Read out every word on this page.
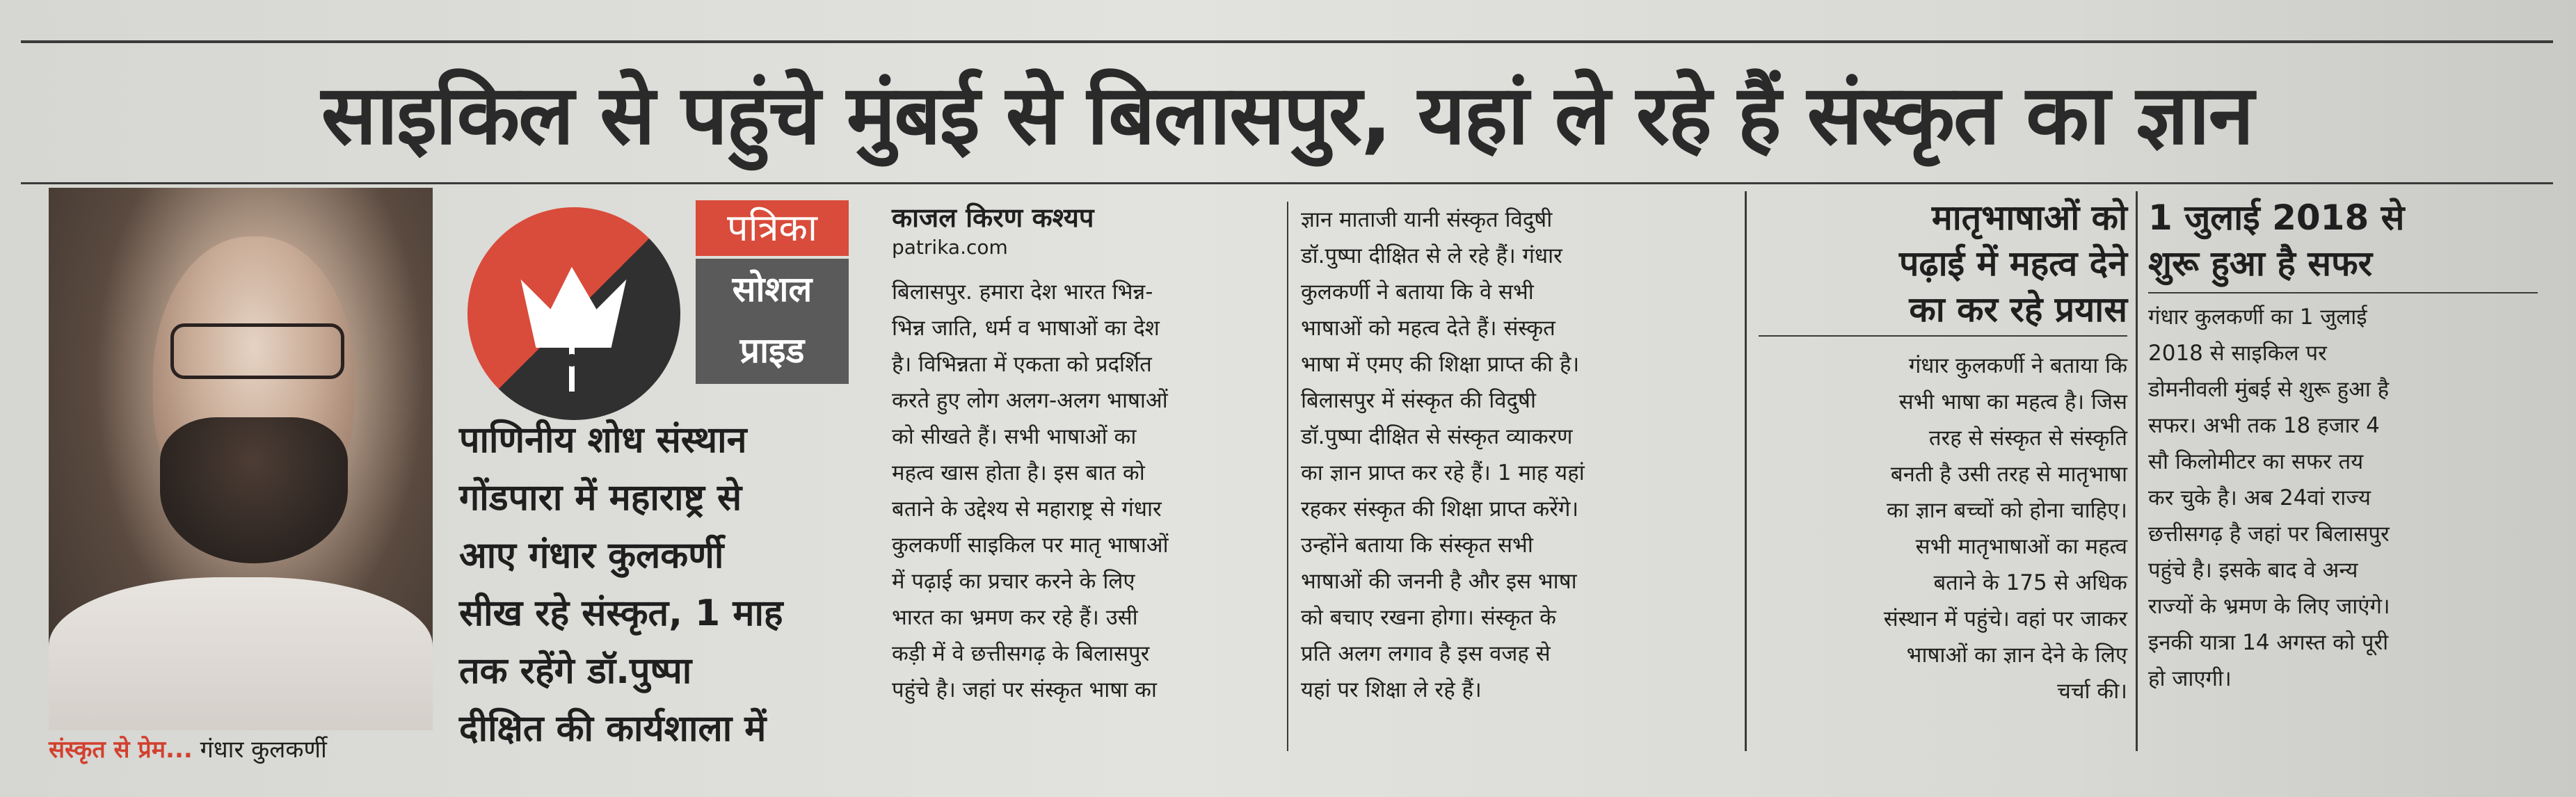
साइकिल से पहुंचे मुंबई से बिलासपुर, यहां ले रहे हैं संस्कृत का ज्ञान
संस्कृत से प्रेम... गंधार कुलकर्णी
पत्रिका
सोशल
प्राइड
पाणिनीय शोध संस्थान
गोंडपारा में महाराष्ट्र से
आए गंधार कुलकर्णी
सीख रहे संस्कृत, 1 माह
तक रहेंगे डॉ.पुष्पा
दीक्षित की कार्यशाला में
काजल किरण कश्यप
patrika.com
बिलासपुर. हमारा देश भारत भिन्न-
भिन्न जाति, धर्म व भाषाओं का देश
है। विभिन्नता में एकता को प्रदर्शित
करते हुए लोग अलग-अलग भाषाओं
को सीखते हैं। सभी भाषाओं का
महत्व खास होता है। इस बात को
बताने के उद्देश्य से महाराष्ट्र से गंधार
कुलकर्णी साइकिल पर मातृ भाषाओं
में पढ़ाई का प्रचार करने के लिए
भारत का भ्रमण कर रहे हैं। उसी
कड़ी में वे छत्तीसगढ़ के बिलासपुर
पहुंचे है। जहां पर संस्कृत भाषा का
ज्ञान माताजी यानी संस्कृत विदुषी
डॉ.पुष्पा दीक्षित से ले रहे हैं। गंधार
कुलकर्णी ने बताया कि वे सभी
भाषाओं को महत्व देते हैं। संस्कृत
भाषा में एमए की शिक्षा प्राप्त की है।
बिलासपुर में संस्कृत की विदुषी
डॉ.पुष्पा दीक्षित से संस्कृत व्याकरण
का ज्ञान प्राप्त कर रहे हैं। 1 माह यहां
रहकर संस्कृत की शिक्षा प्राप्त करेंगे।
उन्होंने बताया कि संस्कृत सभी
भाषाओं की जननी है और इस भाषा
को बचाए रखना होगा। संस्कृत के
प्रति अलग लगाव है इस वजह से
यहां पर शिक्षा ले रहे हैं।
मातृभाषाओं को
पढ़ाई में महत्व देने
का कर रहे प्रयास
गंधार कुलकर्णी ने बताया कि
सभी भाषा का महत्व है। जिस
तरह से संस्कृत से संस्कृति
बनती है उसी तरह से मातृभाषा
का ज्ञान बच्चों को होना चाहिए।
सभी मातृभाषाओं का महत्व
बताने के 175 से अधिक
संस्थान में पहुंचे। वहां पर जाकर
भाषाओं का ज्ञान देने के लिए
चर्चा की।
1 जुलाई 2018 से
शुरू हुआ है सफर
गंधार कुलकर्णी का 1 जुलाई
2018 से साइकिल पर
डोमनीवली मुंबई से शुरू हुआ है
सफर। अभी तक 18 हजार 4
सौ किलोमीटर का सफर तय
कर चुके है। अब 24वां राज्य
छत्तीसगढ़ है जहां पर बिलासपुर
पहुंचे है। इसके बाद वे अन्य
राज्यों के भ्रमण के लिए जाएंगे।
इनकी यात्रा 14 अगस्त को पूरी
हो जाएगी।
